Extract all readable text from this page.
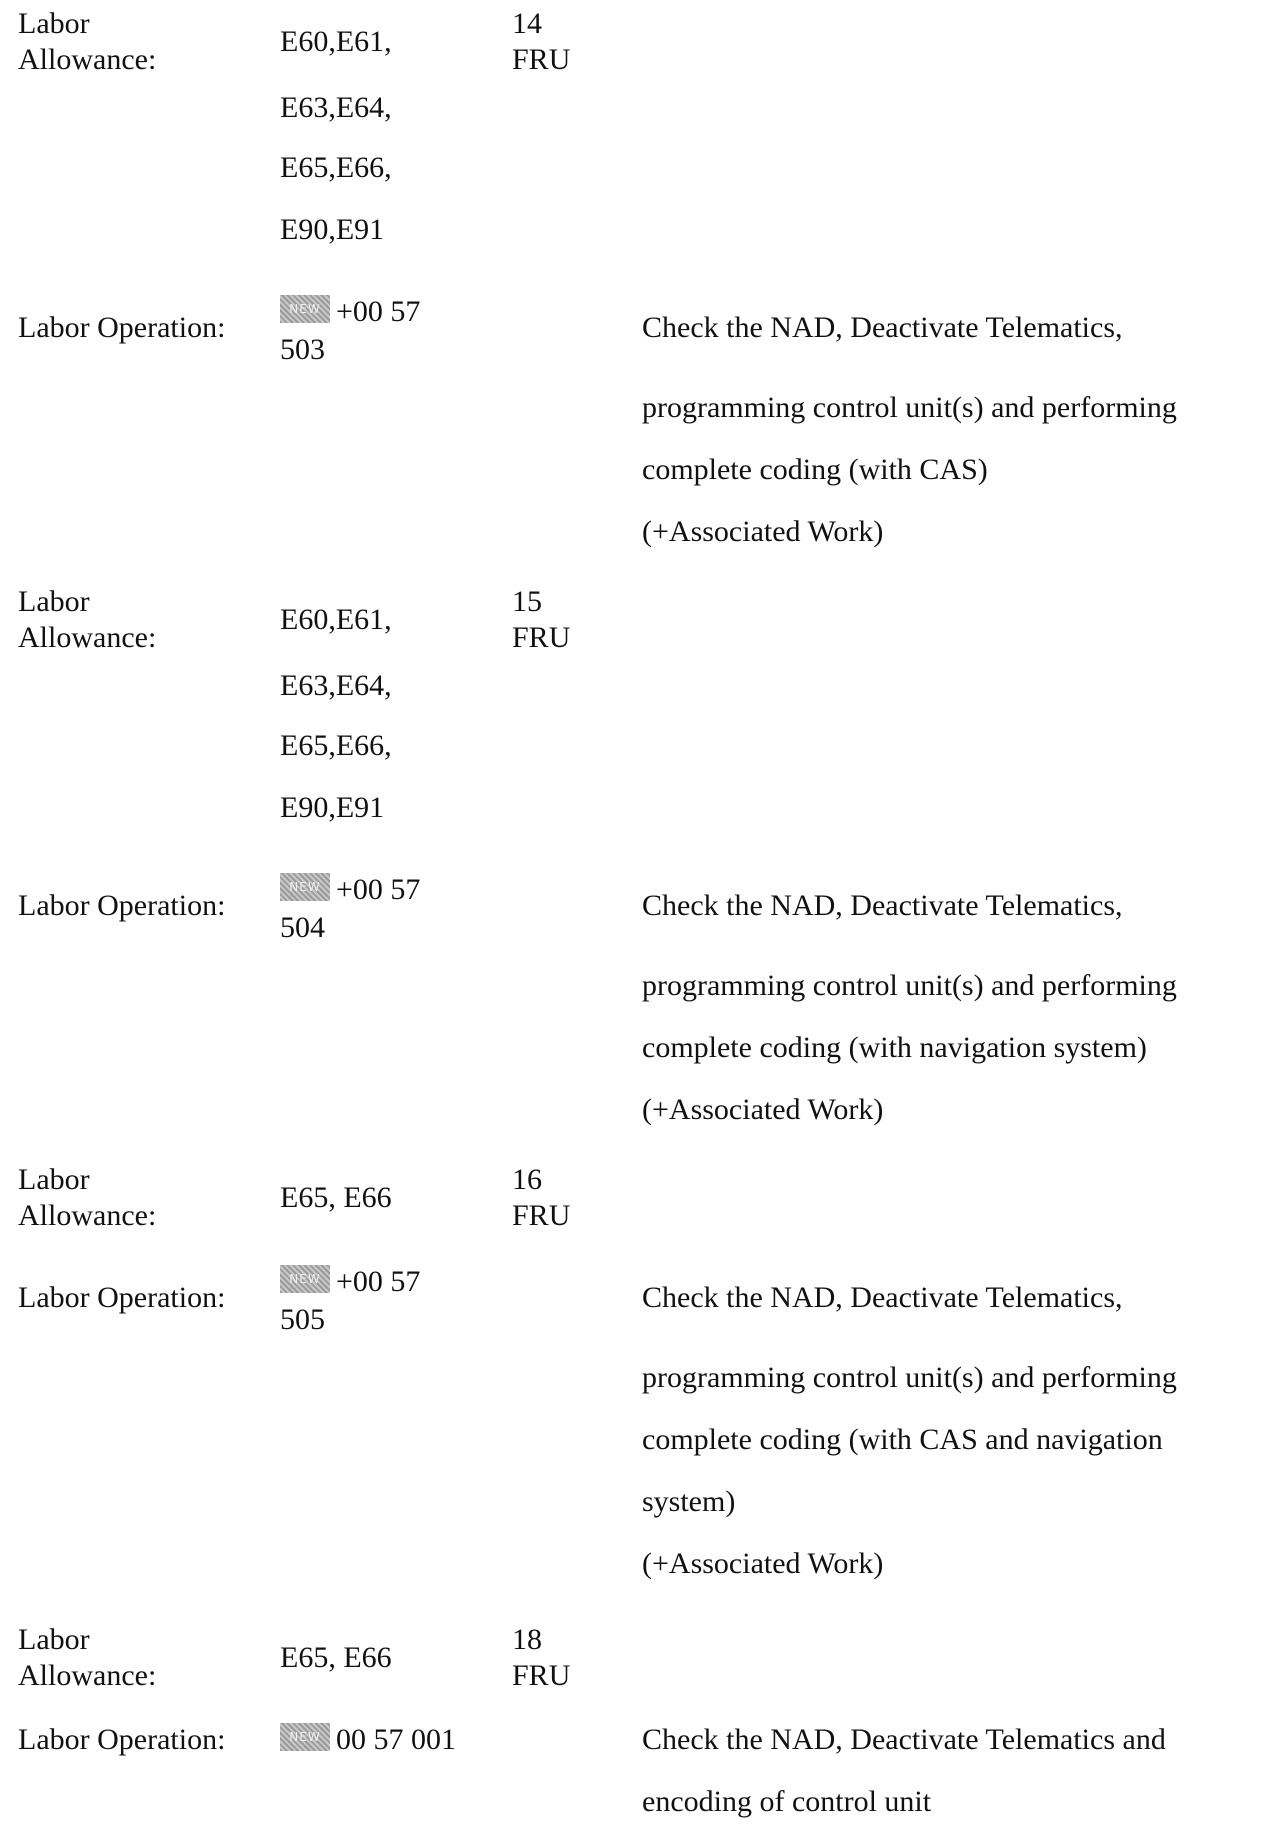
Labor
Allowance:
E60,E61,
E63,E64,
E65,E66,
E90,E91
14
FRU
Labor Operation:
NEW +00 57
503
Check the NAD, Deactivate Telematics,
programming control unit(s) and performing
complete coding (with CAS)
(+Associated Work)
Labor
Allowance:
E60,E61,
E63,E64,
E65,E66,
E90,E91
15
FRU
Labor Operation:
NEW +00 57
504
Check the NAD, Deactivate Telematics,
programming control unit(s) and performing
complete coding (with navigation system)
(+Associated Work)
Labor
Allowance:
E65, E66
16
FRU
Labor Operation:
NEW +00 57
505
Check the NAD, Deactivate Telematics,
programming control unit(s) and performing
complete coding (with CAS and navigation
system)
(+Associated Work)
Labor
Allowance:
E65, E66
18
FRU
Labor Operation:	NEW 00 57 001	Check the NAD, Deactivate Telematics and
encoding of control unit
